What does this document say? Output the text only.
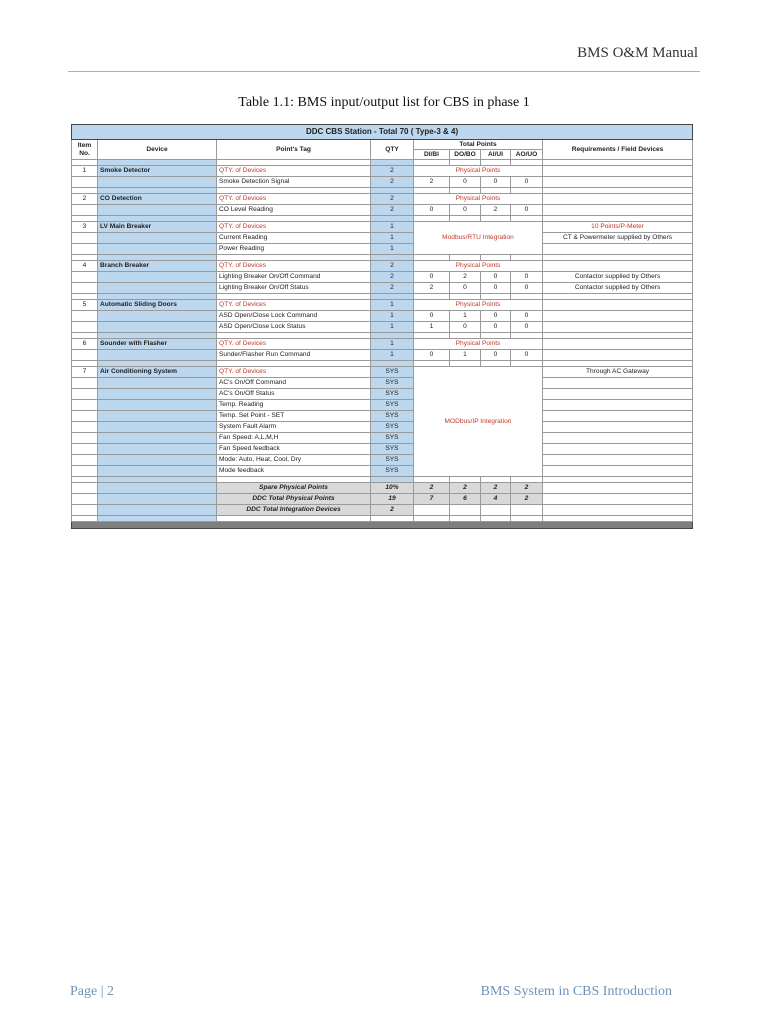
BMS O&M Manual
Table 1.1: BMS input/output list for CBS in phase 1
DDC CBS Station - Total 70 ( Type-3 & 4)								
Item No.	Device	Point's Tag	QTY	Total Points				Requirements / Field Devices
				DI/BI	DO/BO	AI/UI	AO/UO	

1	Smoke Detector	QTY. of Devices	2	Physical Points				
		Smoke Detection Signal	2	2	0	0	0	

2	CO Detection	QTY. of Devices	2	Physical Points				
		CO Level Reading	2	0	0	2	0	

3	LV Main Breaker	QTY. of Devices	1	Modbus/RTU Integration				10 Points/P-Meter
		Current Reading	1					CT & Powermeter supplied by Others
		Power Reading	1					

4	Branch Breaker	QTY. of Devices	2	Physical Points				
		Lighting Breaker On/Off Command	2	0	2	0	0	Contactor supplied by Others
		Lighting Breaker On/Off Status	2	2	0	0	0	Contactor supplied by Others

5	Automatic Sliding Doors	QTY. of Devices	1	Physical Points				
		ASD Open/Close Lock Command	1	0	1	0	0	
		ASD Open/Close Lock Status	1	1	0	0	0	

6	Sounder with Flasher	QTY. of Devices	1	Physical Points				
		Sunder/Flasher Run Command	1	0	1	0	0	

7	Air Conditioning System	QTY. of Devices	SYS	MODbus/IP Integration				Through AC Gateway
		AC's On/Off Command	SYS					
		AC's On/Off Status	SYS					
		Temp. Reading	SYS					
		Temp. Set Point - SET	SYS					
		System Fault Alarm	SYS					
		Fan Speed: A,L,M,H	SYS					
		Fan Speed feedback	SYS					
		Mode: Auto, Heat, Cool, Dry	SYS					
		Mode feedback	SYS					

		Spare Physical Points	10%	2	2	2	2	
		DDC Total Physical Points	19	7	6	4	2	
		DDC Total Integration Devices	2					

Page | 2	BMS System in CBS Introduction
